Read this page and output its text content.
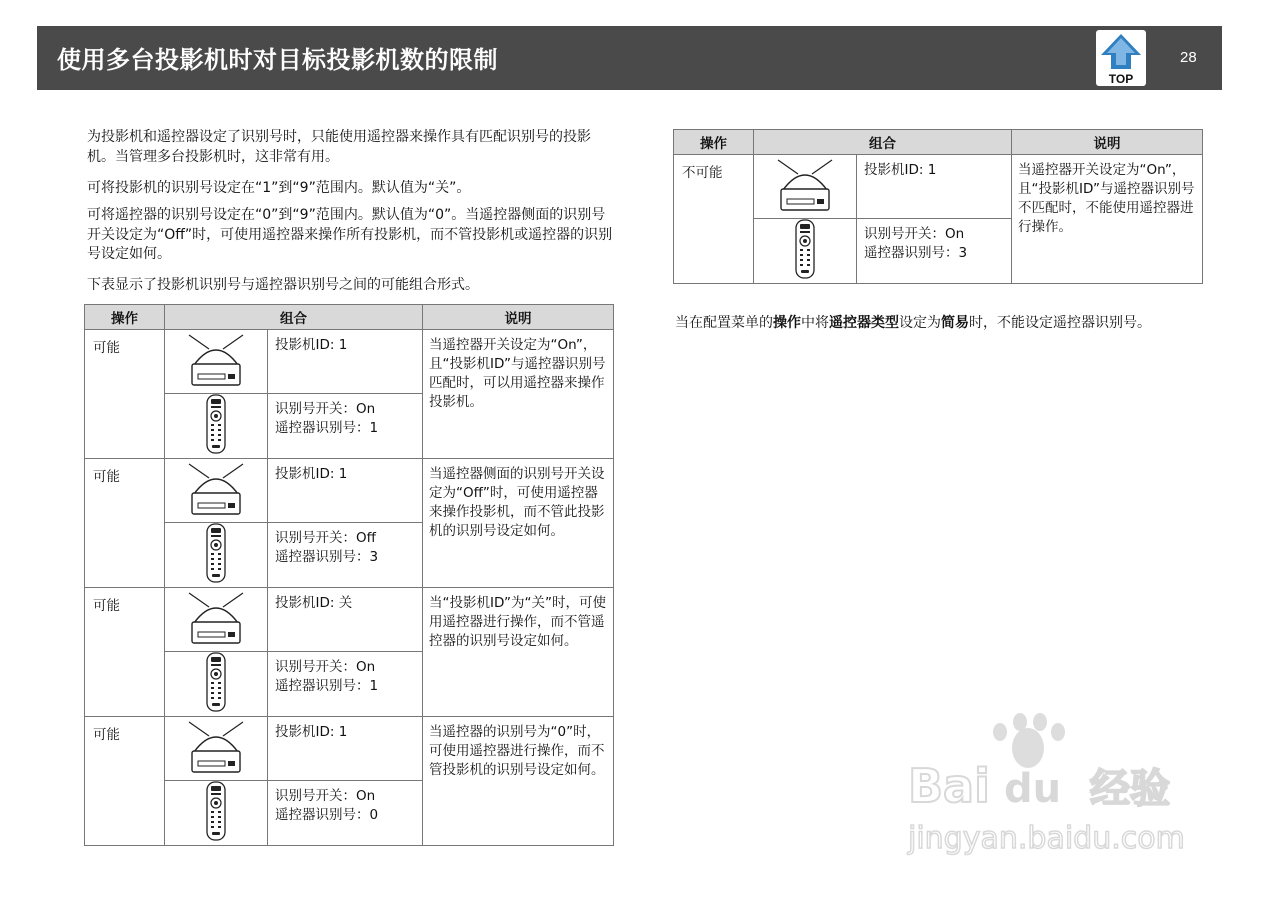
使用多台投影机时对目标投影机数的限制
TOP
28

为投影机和遥控器设定了识别号时，只能使用遥控器来操作具有匹配识别号的投影机。当管理多台投影机时，这非常有用。

可将投影机的识别号设定在“1”到“9”范围内。默认值为“关”。

可将遥控器的识别号设定在“0”到“9”范围内。默认值为“0”。当遥控器侧面的识别号开关设定为“Off”时，可使用遥控器来操作所有投影机，而不管投影机或遥控器的识别号设定如何。

下表显示了投影机识别号与遥控器识别号之间的可能组合形式。

操作	组合		说明
可能		投影机ID: 1	当遥控器开关设定为“On”，且“投影机ID”与遥控器识别号匹配时，可以用遥控器来操作投影机。

识别号开关：On
遥控器识别号：1	

可能		投影机ID: 1	当遥控器侧面的识别号开关设定为“Off”时，可使用遥控器来操作投影机，而不管此投影机的识别号设定如何。

识别号开关：Off
遥控器识别号：3	

可能		投影机ID: 关	当“投影机ID”为“关”时，可使用遥控器进行操作，而不管遥控器的识别号设定如何。

识别号开关：On
遥控器识别号：1	

可能		投影机ID: 1	当遥控器的识别号为“0”时，可使用遥控器进行操作，而不管投影机的识别号设定如何。

识别号开关：On
遥控器识别号：0	
操作	组合		说明
不可能		投影机ID: 1	当遥控器开关设定为“On”，且“投影机ID”与遥控器识别号不匹配时，不能使用遥控器进行操作。

识别号开关：On
遥控器识别号：3	

当在配置菜单的操作中将遥控器类型设定为简易时，不能设定遥控器识别号。

Bai du 经验
jingyan.baidu.com
